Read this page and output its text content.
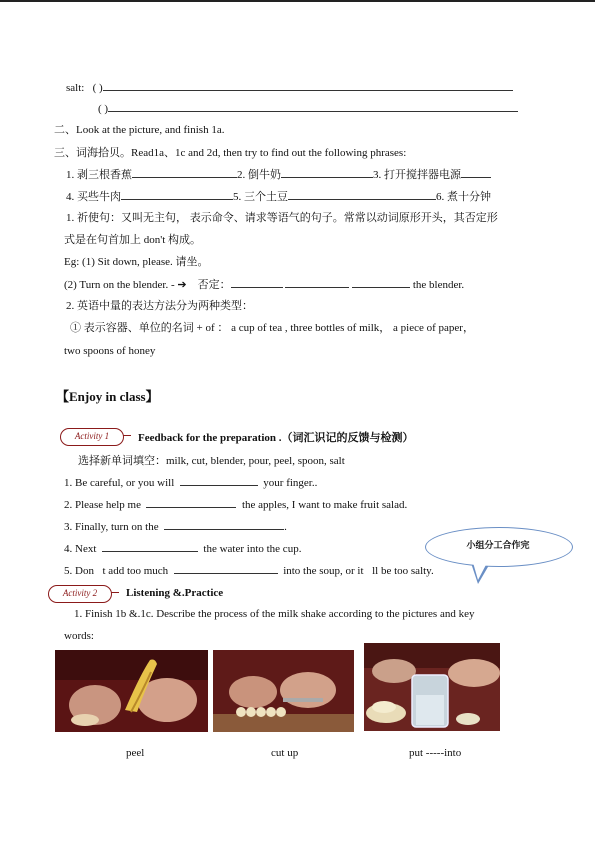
salt: ( )
( )
二、Look at the picture, and finish 1a.
三、词海拾贝。Read1a、1c and 2d, then try to find out the following phrases:
1. 剥三根香蕉	2. 倒牛奶	3. 打开搅拌器电源
4. 买些牛肉	5. 三个土豆	6. 煮十分钟
1. 祈使句：又叫无主句， 表示命令、请求等语气的句子。常常以动词原形开头，其否定形
式是在句首加上 don't 构成。
Eg: (1) Sit down, please. 请坐。
(2) Turn on the blender. - ➔ 否定：	the blender.
2. 英语中量的表达方法分为两种类型：
① 表示容器、单位的名词 + of ： a cup of tea , three bottles of milk， a piece of paper，
two spoons of honey
【Enjoy in class】
Activity 1	Feedback for the preparation .（词汇识记的反馈与检测）
选择新单词填空：milk, cut, blender, pour, peel, spoon, salt
1. Be careful, or you will	your finger..
2. Please help me	the apples, I want to make fruit salad.
3. Finally, turn on the	.
4. Next	the water into the cup.
5. Don t add too much	into the soup, or it ll be too salty.
小组分工合作完
Activity 2	Listening &.Practice
1. Finish 1b &.1c. Describe the process of the milk shake according to the pictures and key
words:
peel	cut up	put -----into
